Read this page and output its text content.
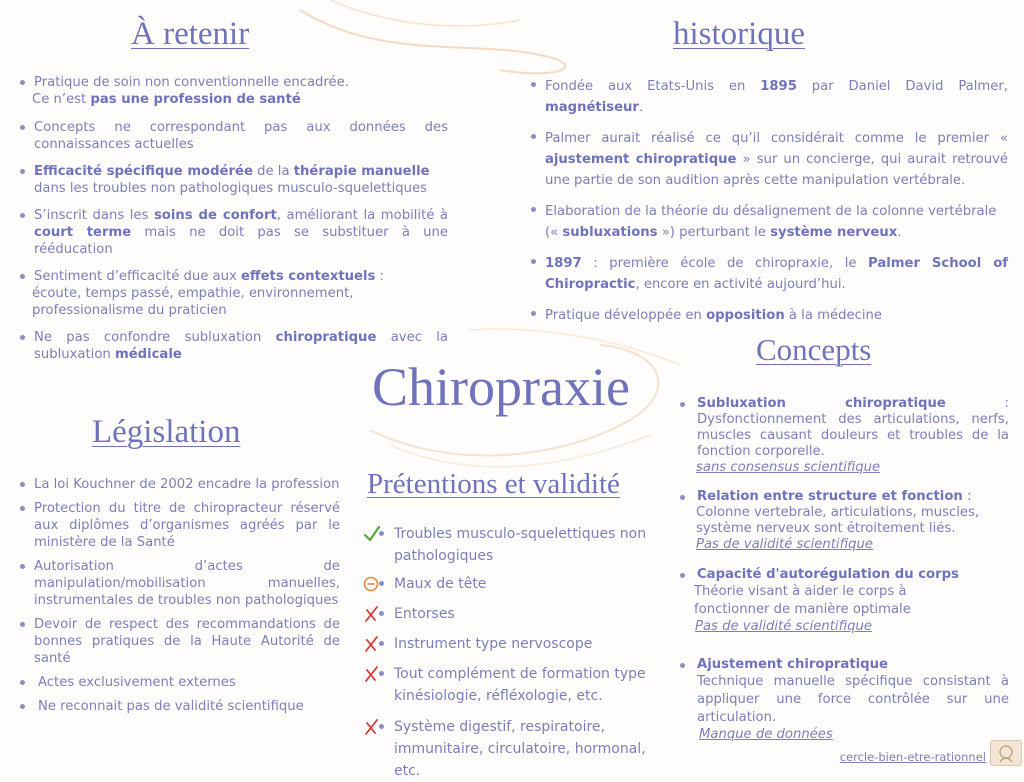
À retenir
Pratique de soin non conventionnelle encadrée.
Ce n’est pas une profession de santé
Concepts ne correspondant pas aux données des connaissances actuelles
Efficacité spécifique modérée de la thérapie manuelle dans les troubles non pathologiques musculo-squelettiques
S’inscrit dans les soins de confort, améliorant la mobilité à court terme mais ne doit pas se substituer à une rééducation
Sentiment d’efficacité due aux effets contextuels :
écoute, temps passé, empathie, environnement, professionalisme du praticien
Ne pas confondre subluxation chiropratique avec la subluxation médicale
historique
Fondée aux Etats-Unis en 1895 par Daniel David Palmer, magnétiseur.
Palmer aurait réalisé ce qu’il considérait comme le premier « ajustement chiropratique » sur un concierge, qui aurait retrouvé une partie de son audition après cette manipulation vertébrale.
Elaboration de la théorie du désalignement de la colonne vertébrale (« subluxations ») perturbant le système nerveux.
1897 : première école de chiropraxie, le Palmer School of Chiropractic, encore en activité aujourd’hui.
Pratique développée en opposition à la médecine
Chiropraxie
Concepts
Subluxation chiropratique : Dysfonctionnement des articulations, nerfs, muscles causant douleurs et troubles de la fonction corporelle.
sans consensus scientifique
Relation entre structure et fonction :
Colonne vertebrale, articulations, muscles, système nerveux sont étroitement liés.
Pas de validité scientifique
Capacité d'autorégulation du corps
Théorie visant à aider le corps à fonctionner de manière optimale
Pas de validité scientifique
Ajustement chiropratique
Technique manuelle spécifique consistant à appliquer une force contrôlée sur une articulation.
Manque de données
Législation
La loi Kouchner de 2002 encadre la profession
Protection du titre de chiropracteur réservé aux diplômes d’organismes agréés par le ministère de la Santé
Autorisation d’actes de manipulation/mobilisation manuelles, instrumentales de troubles non pathologiques
Devoir de respect des recommandations de bonnes pratiques de la Haute Autorité de santé
Actes exclusivement externes
Ne reconnait pas de validité scientifique
Prétentions et validité
Troubles musculo-squelettiques non pathologiques
Maux de tête
Entorses
Instrument type nervoscope
Tout complément de formation type kinésiologie, réfléxologie, etc.
Système digestif, respiratoire, immunitaire, circulatoire, hormonal, etc.
cercle-bien-etre-rationnel
